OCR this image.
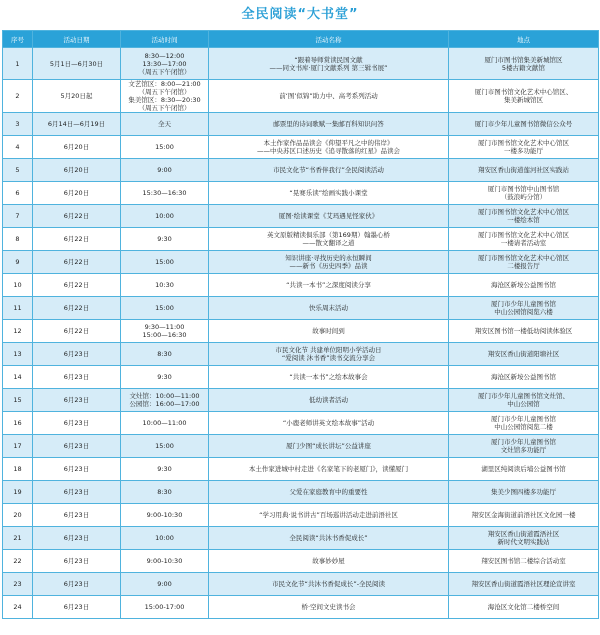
全民阅读“大书堂”
序号	活动日期	活动时间	活动名称	地点
1	5月1日—6月30日	8:30—12:00
13:30—17:00
（周五下午闭馆）	“跟着导师赏读民国文献
——同文书库·厦门文献系列 第三辑书展”	厦门市图书馆集美新城馆区
5楼古籍文献馆

2	5月20日起	文艺馆区：8:00—21:00
（周五下午闭馆）
集美馆区：8:30—20:30
（周五下午闭馆）	前‘图’似锦”助力中、高考系列活动	厦门市图书馆文化艺术中心馆区、
集美新城馆区

3	6月14日—6月19日	全天	邮票里的诗词歌赋一集邮百科知识问答	厦门市少年儿童图书馆微信公众号

4	6月20日	15:00	本土作家作品品读会《仰望平凡之中的伟岸》
——中央苏区口述历史《追寻散落的红星》品读会	厦门市图书馆文化艺术中心馆区
一楼多功能厅

5	6月20日	9:00	市民文化节“书香伴我行”全民阅读活动	翔安区香山街道莲河社区实践站

6	6月20日	15:30—16:30	“晃赛乐读”绘画实践小课堂	厦门市图书馆中山图书馆
（鼓浪屿分馆）

7	6月22日	10:00	厦图·绘读课堂《艾玛遇见怪家伙》	厦门市图书馆文化艺术中心馆区
一楼绘本馆

8	6月22日	9:30	英文原版精读俱乐部（第169期）翰墨心桥
——散文翻译之道	厦门市图书馆文化艺术中心馆区
一楼请者活动室

9	6月22日	15:00	知识讲座·寻找历史的永恒瞬间
——新书《历史四季》品读	厦门市图书馆文化艺术中心馆区
二楼报告厅

10	6月22日	10:30	“共读一本书”之深度阅读分享	海沧区新垵公益图书馆

11	6月22日	15:00	快乐周末活动	厦门市少年儿童图书馆
中山公园馆阅览六楼

12	6月22日	9:30—11:00
15:00—16:30	故事时间到	翔安区图书馆一楼低幼阅读体验区

13	6月23日	8:30	市民文化节 共建单位阳明小学活动日
“爱阅读 沐书香”读书交流分享会	翔安区香山街道阳塘社区

14	6月23日	9:30	“共读一本书”之绘本故事会	海沧区新垵公益图书馆

15	6月23日	文灶馆：10:00—11:00
公园馆：16:00—17:00	低幼读者活动	厦门市少年儿童图书馆文灶馆、
中山公园馆

16	6月23日	10:00—11:00	“小鹿老师讲英文绘本故事”活动	厦门市少年儿童图书馆
中山公园馆阅览二楼

17	6月23日	15:00	厦门少图“成长讲坛”公益讲座	厦门市少年儿童图书馆
文灶馆多功能厅

18	6月23日	9:30	本土作家进城中村走进《名家笔下的老厦门》，读懂厦门	湖里区纯阅读后埔公益图书馆

19	6月23日	8:30	父爱在家庭教育中的重要性	集美少图四楼多功能厅

20	6月23日	9:00-10:30	“学习用典·说书讲古”百场巡讲活动走进前浯社区	翔安区金海街道前浯社区文化园一楼

21	6月23日	10:00	全民阅读“共沐书香促成长”	翔安区香山街道霞浯社区
新时代文明实践站

22	6月23日	9:00-10:30	故事妙妙屋	翔安区图书馆二楼综合活动室

23	6月23日	9:00	市民文化节“共沐书香促成长”-全民阅读	翔安区香山街道霞浯社区理论宣讲室

24	6月23日	15:00-17:00	桥·空间文史读书会	海沧区文化馆二楼桥空间
